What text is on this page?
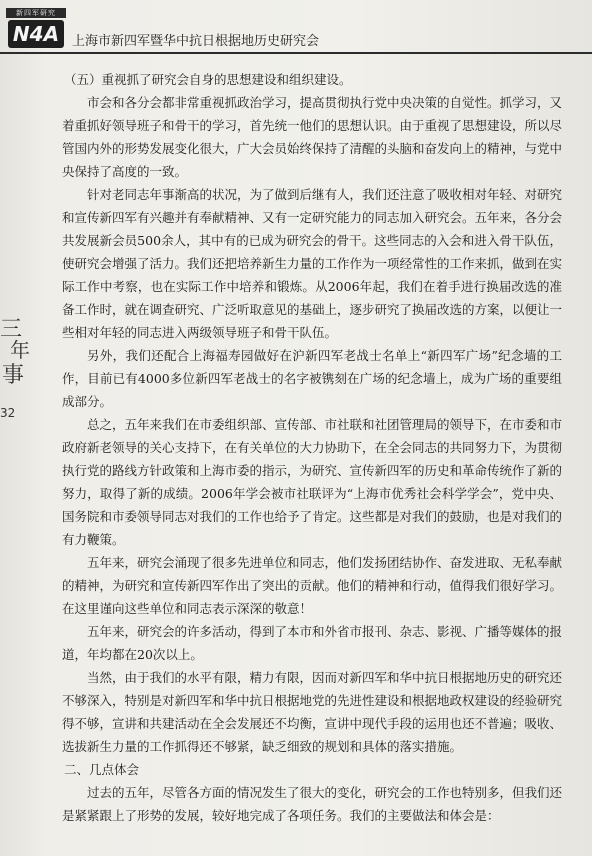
新四军研究
N4A 上海市新四军暨华中抗日根据地历史研究会
三
年
事
32

（五）重视抓了研究会自身的思想建设和组织建设。

市会和各分会都非常重视抓政治学习，提高贯彻执行党中央决策的自觉性。抓学习，又着重抓好领导班子和骨干的学习，首先统一他们的思想认识。由于重视了思想建设，所以尽管国内外的形势发展变化很大，广大会员始终保持了清醒的头脑和奋发向上的精神，与党中央保持了高度的一致。

针对老同志年事渐高的状况，为了做到后继有人，我们还注意了吸收相对年轻、对研究和宣传新四军有兴趣并有奉献精神、又有一定研究能力的同志加入研究会。五年来，各分会共发展新会员500余人，其中有的已成为研究会的骨干。这些同志的入会和进入骨干队伍，使研究会增强了活力。我们还把培养新生力量的工作作为一项经常性的工作来抓，做到在实际工作中考察，也在实际工作中培养和锻炼。从2006年起，我们在着手进行换届改选的准备工作时，就在调查研究、广泛听取意见的基础上，逐步研究了换届改选的方案，以便让一些相对年轻的同志进入两级领导班子和骨干队伍。

另外，我们还配合上海福寿园做好在沪新四军老战士名单上“新四军广场”纪念墙的工作，目前已有4000多位新四军老战士的名字被镌刻在广场的纪念墙上，成为广场的重要组成部分。

总之，五年来我们在市委组织部、宣传部、市社联和社团管理局的领导下，在市委和市政府新老领导的关心支持下，在有关单位的大力协助下，在全会同志的共同努力下，为贯彻执行党的路线方针政策和上海市委的指示，为研究、宣传新四军的历史和革命传统作了新的努力，取得了新的成绩。2006年学会被市社联评为“上海市优秀社会科学学会”，党中央、国务院和市委领导同志对我们的工作也给予了肯定。这些都是对我们的鼓励，也是对我们的有力鞭策。

五年来，研究会涌现了很多先进单位和同志，他们发扬团结协作、奋发进取、无私奉献的精神，为研究和宣传新四军作出了突出的贡献。他们的精神和行动，值得我们很好学习。在这里谨向这些单位和同志表示深深的敬意！

五年来，研究会的许多活动，得到了本市和外省市报刊、杂志、影视、广播等媒体的报道，年均都在20次以上。

当然，由于我们的水平有限，精力有限，因而对新四军和华中抗日根据地历史的研究还不够深入，特别是对新四军和华中抗日根据地党的先进性建设和根据地政权建设的经验研究得不够，宣讲和共建活动在全会发展还不均衡，宣讲中现代手段的运用也还不普遍；吸收、选拔新生力量的工作抓得还不够紧，缺乏细致的规划和具体的落实措施。

二、几点体会

过去的五年，尽管各方面的情况发生了很大的变化，研究会的工作也特别多，但我们还是紧紧跟上了形势的发展，较好地完成了各项任务。我们的主要做法和体会是：
